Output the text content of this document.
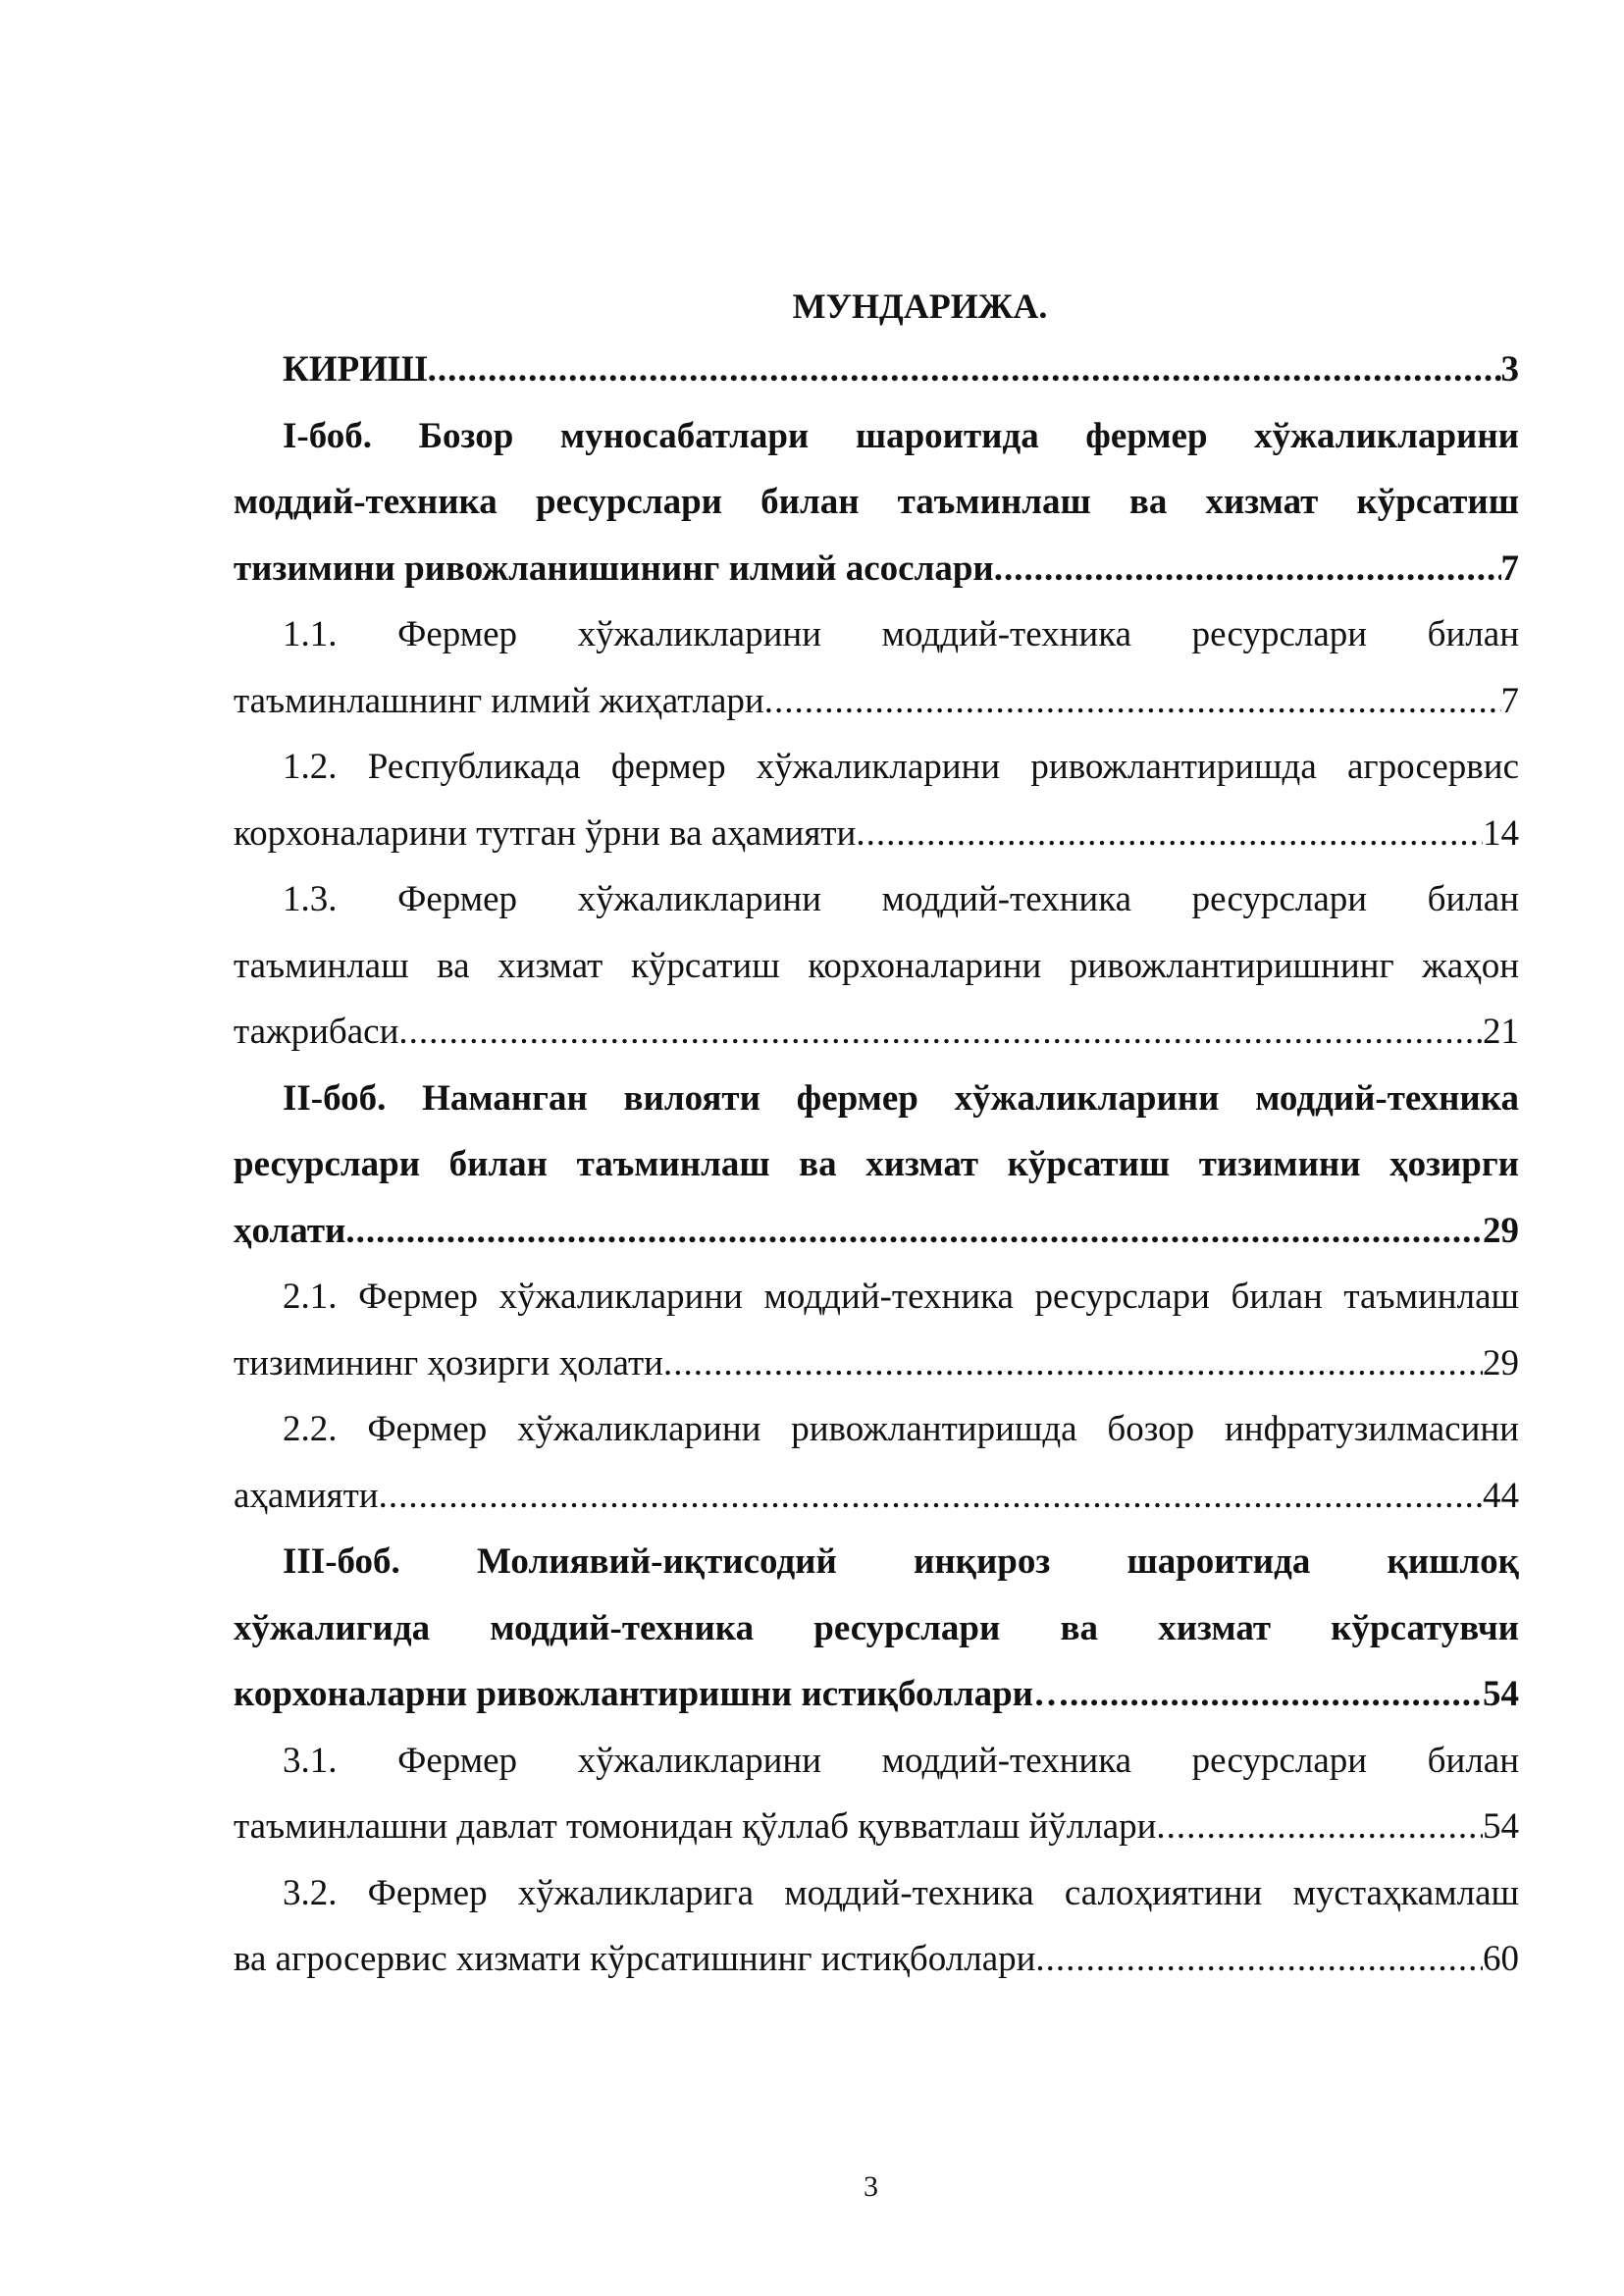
МУНДАРИЖА.
КИРИШ .....	3
I-боб. Бозор муносабатлари шароитида фермер хўжаликларини
моддий-техника ресурслари билан таъминлаш ва хизмат кўрсатиш
тизимини ривожланишининг илмий асослари .....	7
1.1. Фермер хўжаликларини моддий-техника ресурслари билан
таъминлашнинг илмий жиҳатлари .....	7
1.2. Республикада фермер хўжаликларини ривожлантиришда агросервис
корхоналарини тутган ўрни ва аҳамияти .....	14
1.3. Фермер хўжаликларини моддий-техника ресурслари билан
таъминлаш ва хизмат кўрсатиш корхоналарини ривожлантиришнинг жаҳон
тажрибаси .....	21
II-боб. Наманган вилояти фермер хўжаликларини моддий-техника
ресурслари билан таъминлаш ва хизмат кўрсатиш тизимини ҳозирги
ҳолати .....	29
2.1. Фермер хўжаликларини моддий-техника ресурслари билан таъминлаш
тизимининг ҳозирги ҳолати .....	29
2.2. Фермер хўжаликларини ривожлантиришда бозор инфратузилмасини
аҳамияти .....	44
III-боб. Молиявий-иқтисодий инқироз шароитида қишлоқ
хўжалигида моддий-техника ресурслари ва хизмат кўрсатувчи
корхоналарни ривожлантиришни истиқболлари… .....	54
3.1. Фермер хўжаликларини моддий-техника ресурслари билан
таъминлашни давлат томонидан қўллаб қувватлаш йўллари .....	54
3.2. Фермер хўжаликларига моддий-техника салоҳиятини мустаҳкамлаш
ва агросервис хизмати кўрсатишнинг истиқболлари .....	60
3
